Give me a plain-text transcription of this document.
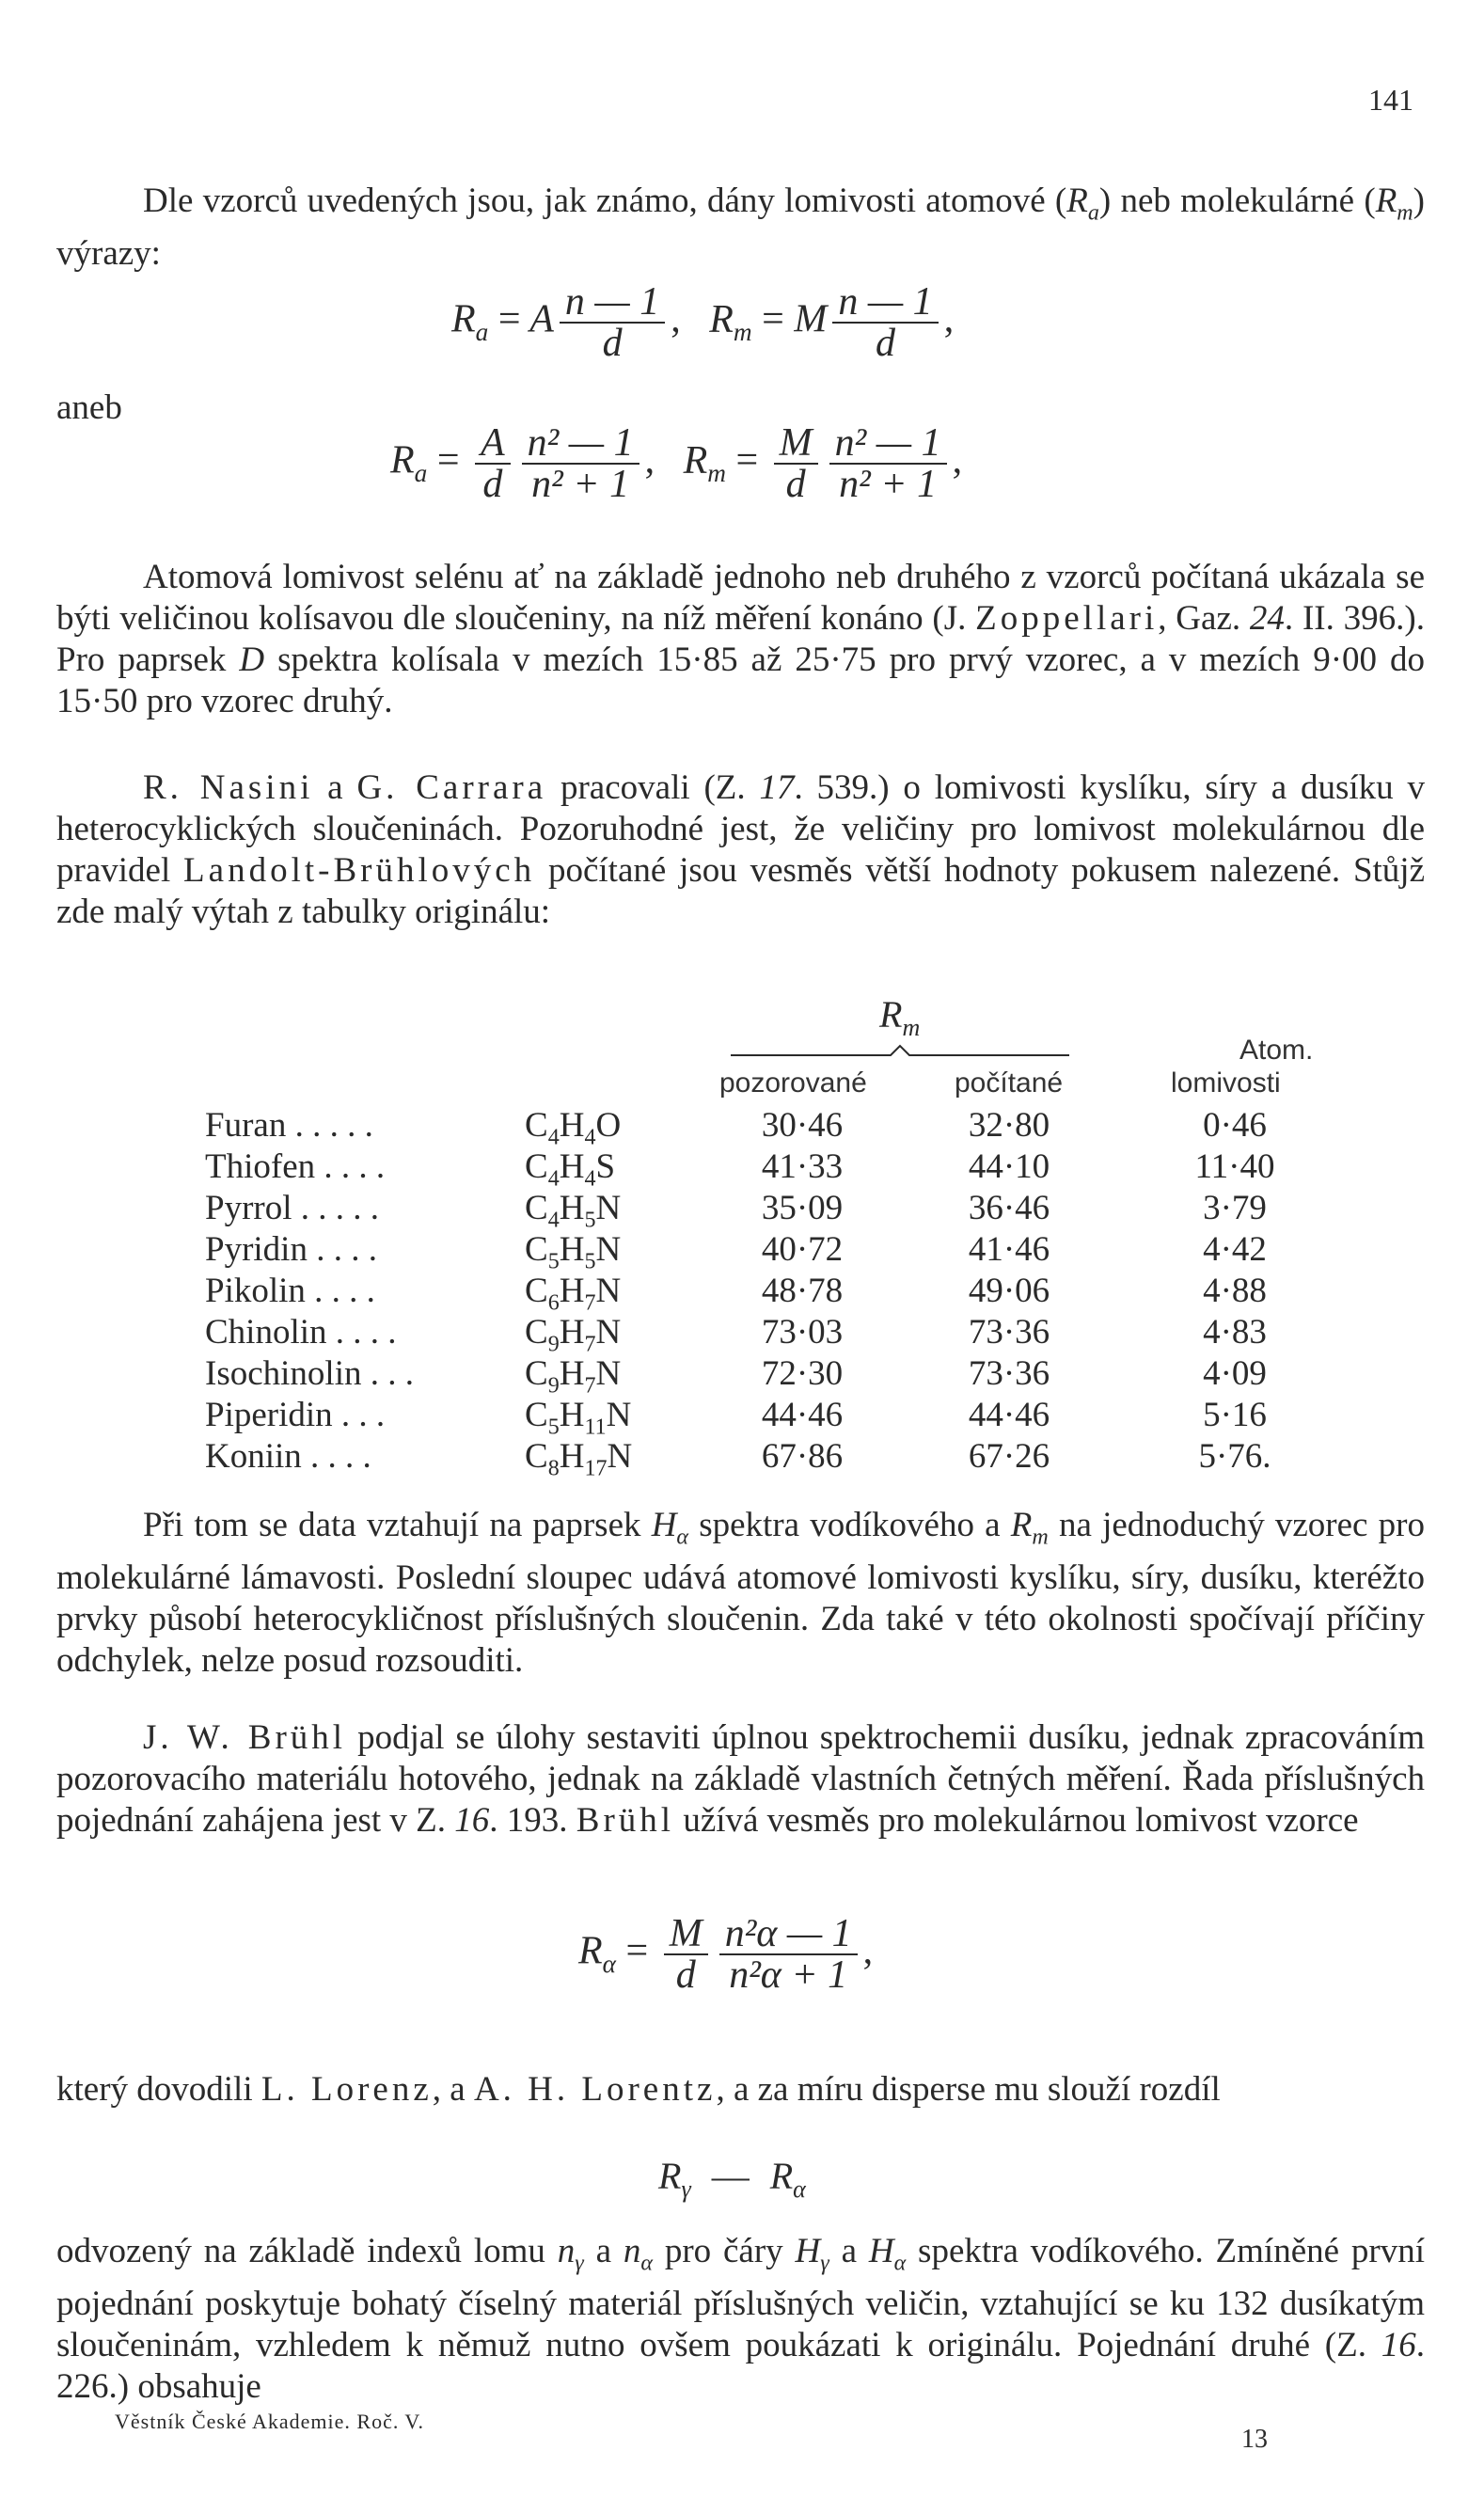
141
Dle vzorců uvedených jsou, jak známo, dány lomivosti atomové $(R_a)$ neb molekulárné $(R_m)$ výrazy:
$R_a = A \frac{n — 1}{d}$ , $R_m = M \frac{n — 1}{d}$ ,
aneb
$R_a = \frac{A}{d} \frac{\text{n² — 1}}{\text{n² + 1}}$ , $R_m = \frac{M}{d} \frac{\text{n² — 1}}{\text{n² + 1}}$ ,
Atomová lomivost selénu ať na základě jednoho neb druhého z vzorců počítaná ukázala se býti veličinou kolísavou dle sloučeniny, na níž měření konáno (J. Zoppellari, Gaz. 24. II. 396.). Pro paprsek D spektra kolísala v mezích 15·85 až 25·75 pro prvý vzorec, a v mezích 9·00 do 15·50 pro vzorec druhý.
R. Nasini a G. Carrara pracovali (Z. 17. 539.) o lomivosti kyslíku, síry a dusíku v heterocyklických sloučeninách. Pozoruhodné jest, že veličiny pro lomivost molekulárnou dle pravidel Landolt-Brühlových počítané jsou vesměs větší hodnoty pokusem nalezené. Stůjž zde malý výtah z tabulky originálu:
$R_m$
pozorované	počítané
Atom.
lomivosti
Furan . . . . .	$C_4H_4O$	30·46	32·80	0·46
Thiofen . . . .	$C_4H_4S$	41·33	44·10	11·40
Pyrrol . . . . .	$C_4H_5N$	35·09	36·46	3·79
Pyridin . . . .	$C_5H_5N$	40·72	41·46	4·42
Pikolin . . . .	$C_6H_7N$	48·78	49·06	4·88
Chinolin . . . .	$C_9H_7N$	73·03	73·36	4·83
Isochinolin . . .	$C_9H_7N$	72·30	73·36	4·09
Piperidin . . .	$C_5H_{11}N$	44·46	44·46	5·16
Koniin . . . .	$C_8H_{17}N$	67·86	67·26	5·76.
Při tom se data vztahují na paprsek $H_\alpha$ spektra vodíkového a $R_m$ na jednoduchý vzorec pro molekulárné lámavosti. Poslední sloupec udává atomové lomivosti kyslíku, síry, dusíku, kteréžto prvky působí heterocykličnost příslušných sloučenin. Zda také v této okolnosti spočívají příčiny odchylek, nelze posud rozsouditi.
J. W. Brühl podjal se úlohy sestaviti úplnou spektrochemii dusíku, jednak zpracováním pozorovacího materiálu hotového, jednak na základě vlastních četných měření. Řada příslušných pojednání zahájena jest v Z. 16. 193. Brühl užívá vesměs pro molekulárnou lomivost vzorce
$R_\alpha = \frac{M}{d} \frac{\text{n²α — 1}}{\text{n²α + 1}}$ ,
který dovodili L. Lorenz, a A. H. Lorentz, a za míru disperse mu slouží rozdíl
$R_\gamma$ — $R_\alpha$
odvozený na základě indexů lomu $n_\gamma$ a $n_\alpha$ pro čáry $H_\gamma$ a $H_\alpha$ spektra vodíkového. Zmíněné první pojednání poskytuje bohatý číselný materiál příslušných veličin, vztahující se ku 132 dusíkatým sloučeninám, vzhledem k němuž nutno ovšem poukázati k originálu. Pojednání druhé (Z. 16. 226.) obsahuje
Věstník České Akademie. Roč. V.
13
